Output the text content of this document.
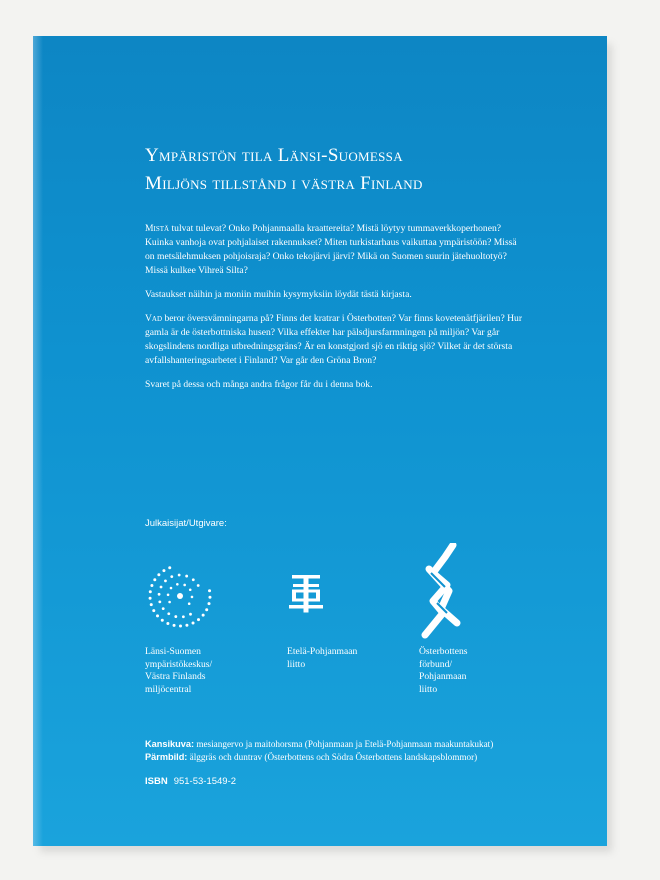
Ympäristön tila Länsi-Suomessa
Miljöns tillstånd i västra Finland

Mistä tulvat tulevat? Onko Pohjanmaalla kraattereita? Mistä löytyy tummaverkkoperhonen? Kuinka vanhoja ovat pohjalaiset rakennukset? Miten turkistarhaus vaikuttaa ympäristöön? Missä on metsälehmuksen pohjoisraja? Onko tekojärvi järvi? Mikä on Suomen suurin jätehuoltotyö? Missä kulkee Vihreä Silta?

Vastaukset näihin ja moniin muihin kysymyksiin löydät tästä kirjasta.

Vad beror översvämningarna på? Finns det kratrar i Österbotten? Var finns kovetenätfjärilen? Hur gamla är de österbottniska husen? Vilka effekter har pälsdjursfarmningen på miljön? Var går skogslindens nordliga utbredningsgräns? Är en konstgjord sjö en riktig sjö? Vilket är det största avfallshanteringsarbetet i Finland? Var går den Gröna Bron?

Svaret på dessa och många andra frågor får du i denna bok.

Julkaisijat/Utgivare:
Länsi-Suomen
ympäristökeskus/
Västra Finlands
miljöcentral
Etelä-Pohjanmaan
liitto
Österbottens
förbund/
Pohjanmaan
liitto
Kansikuva: mesiangervo ja maitohorsma (Pohjanmaan ja Etelä-Pohjanmaan maakuntakukat)
Pärmbild: älggräs och duntrav (Österbottens och Södra Österbottens landskapsblommor)
ISBN 951-53-1549-2
